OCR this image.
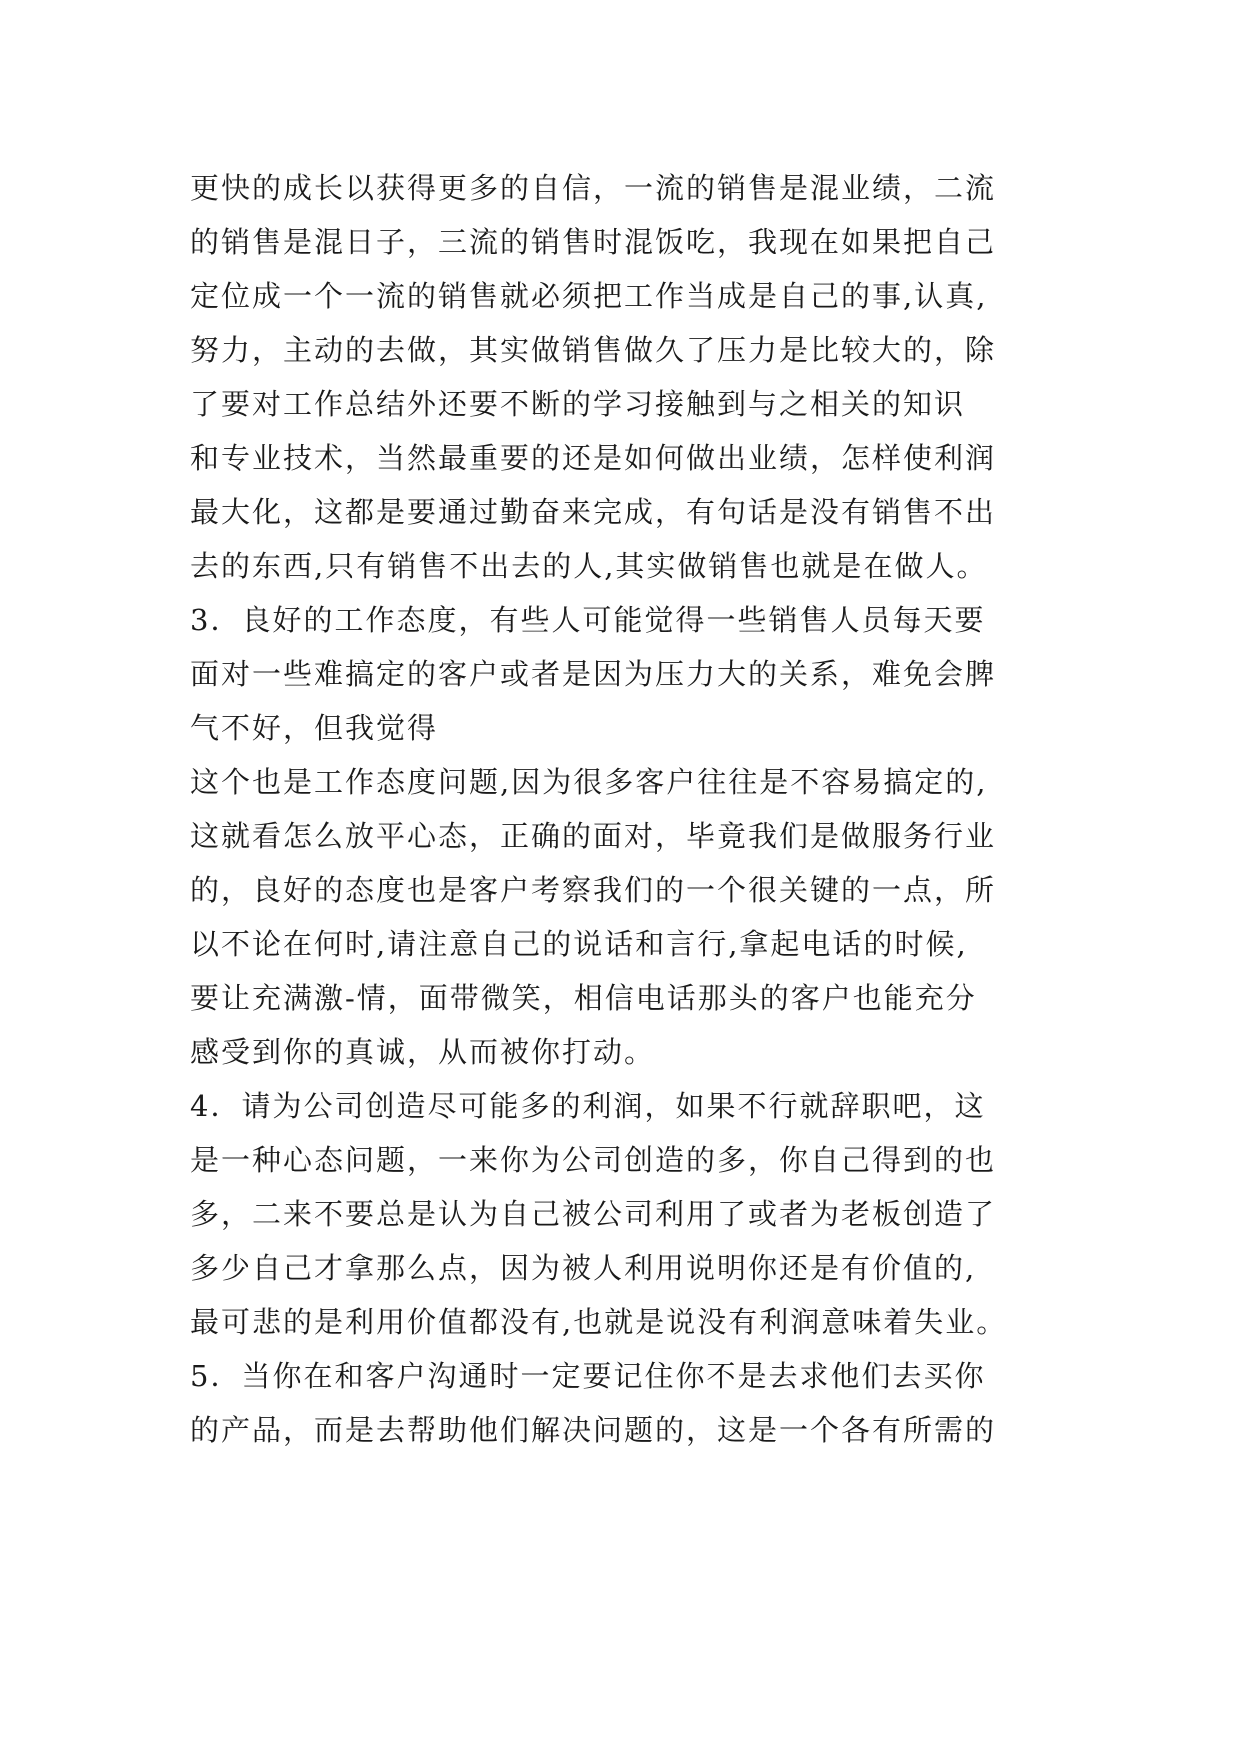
更快的成长以获得更多的自信，一流的销售是混业绩，二流
的销售是混日子，三流的销售时混饭吃，我现在如果把自己
定位成一个一流的销售就必须把工作当成是自己的事,认真,
努力，主动的去做，其实做销售做久了压力是比较大的，除
了要对工作总结外还要不断的学习接触到与之相关的知识
和专业技术，当然最重要的还是如何做出业绩，怎样使利润
最大化，这都是要通过勤奋来完成，有句话是没有销售不出
去的东西,只有销售不出去的人,其实做销售也就是在做人。
3．良好的工作态度，有些人可能觉得一些销售人员每天要
面对一些难搞定的客户或者是因为压力大的关系，难免会脾
气不好，但我觉得
这个也是工作态度问题,因为很多客户往往是不容易搞定的,
这就看怎么放平心态，正确的面对，毕竟我们是做服务行业
的，良好的态度也是客户考察我们的一个很关键的一点，所
以不论在何时,请注意自己的说话和言行,拿起电话的时候,
要让充满激-情，面带微笑，相信电话那头的客户也能充分
感受到你的真诚，从而被你打动。
4．请为公司创造尽可能多的利润，如果不行就辞职吧，这
是一种心态问题，一来你为公司创造的多，你自己得到的也
多，二来不要总是认为自己被公司利用了或者为老板创造了
多少自己才拿那么点，因为被人利用说明你还是有价值的,
最可悲的是利用价值都没有,也就是说没有利润意味着失业。
5．当你在和客户沟通时一定要记住你不是去求他们去买你
的产品，而是去帮助他们解决问题的，这是一个各有所需的
